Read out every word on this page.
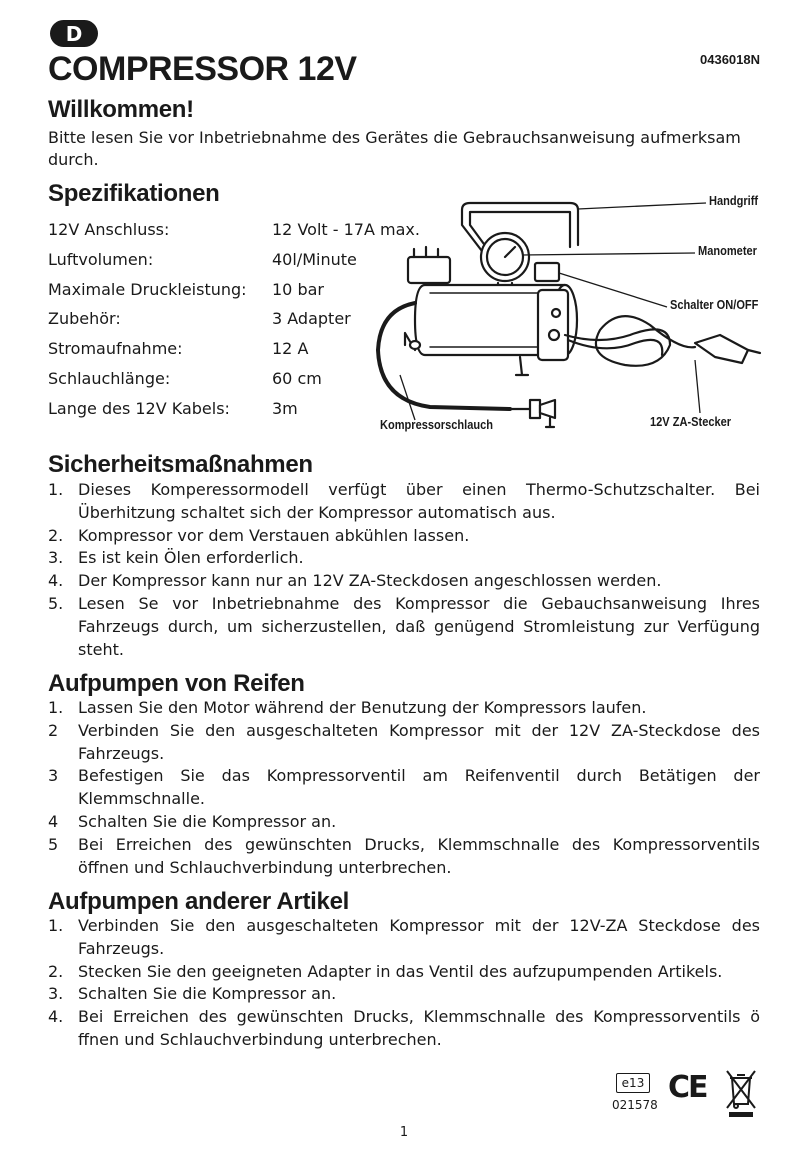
D
COMPRESSOR 12V	0436018N
Willkommen!

Bitte lesen Sie vor Inbetriebnahme des Gerätes die Gebrauchsanweisung aufmerksam durch.

Spezifikationen
12V Anschluss:	12 Volt - 17A max.
Luftvolumen:	40l/Minute
Maximale Druckleistung:	10 bar
Zubehör:	3 Adapter
Stromaufnahme:	12 A
Schlauchlänge:	60 cm
Lange des 12V Kabels:	3m
Handgriff
Manometer
Schalter ON/OFF
Kompressorschlauch	12V ZA-Stecker
Sicherheitsmaßnahmen
1. Dieses Komperessormodell verfügt über einen Thermo-Schutzschalter. Bei Überhitzung schaltet sich der Kompressor automatisch aus.
2. Kompressor vor dem Verstauen abkühlen lassen.
3. Es ist kein Ölen erforderlich.
4. Der Kompressor kann nur an 12V ZA-Steckdosen angeschlossen werden.
5. Lesen Se vor Inbetriebnahme des Kompressor die Gebauchsanweisung Ihres Fahrzeugs durch, um sicherzustellen, daß genügend Stromleistung zur Verfügung steht.
Aufpumpen von Reifen
1. Lassen Sie den Motor während der Benutzung der Kompressors laufen.
2 Verbinden Sie den ausgeschalteten Kompressor mit der 12V ZA-Steckdose des Fahrzeugs.
3 Befestigen Sie das Kompressorventil am Reifenventil durch Betätigen der Klemmschnalle.
4 Schalten Sie die Kompressor an.
5 Bei Erreichen des gewünschten Drucks, Klemmschnalle des Kompressorventils öffnen und Schlauchverbindung unterbrechen.
Aufpumpen anderer Artikel
1. Verbinden Sie den ausgeschalteten Kompressor mit der 12V-ZA Steckdose des Fahrzeugs.
2. Stecken Sie den geeigneten Adapter in das Ventil des aufzupumpenden Artikels.
3. Schalten Sie die Kompressor an.
4. Bei Erreichen des gewünschten Drucks, Klemmschnalle des Kompressorventils ö ffnen und Schlauchverbindung unterbrechen.
e13
021578 CE
1
